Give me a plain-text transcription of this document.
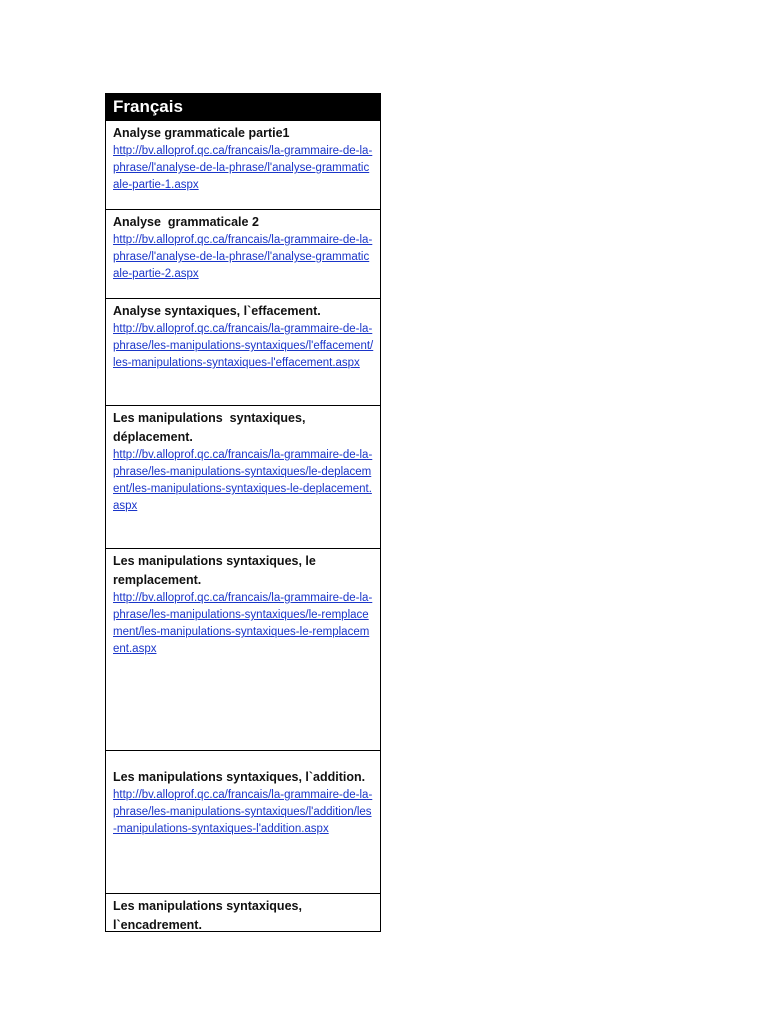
Français
Analyse grammaticale partie1
http://bv.alloprof.qc.ca/francais/la-grammaire-de-la-phrase/l'analyse-de-la-phrase/l'analyse-grammaticale-partie-1.aspx
Analyse  grammaticale 2
http://bv.alloprof.qc.ca/francais/la-grammaire-de-la-phrase/l'analyse-de-la-phrase/l'analyse-grammaticale-partie-2.aspx
Analyse syntaxiques, l`effacement.
http://bv.alloprof.qc.ca/francais/la-grammaire-de-la-phrase/les-manipulations-syntaxiques/l'effacement/les-manipulations-syntaxiques-l'effacement.aspx
Les manipulations  syntaxiques, déplacement.
http://bv.alloprof.qc.ca/francais/la-grammaire-de-la-phrase/les-manipulations-syntaxiques/le-deplacement/les-manipulations-syntaxiques-le-deplacement.aspx
Les manipulations syntaxiques, le remplacement.
http://bv.alloprof.qc.ca/francais/la-grammaire-de-la-phrase/les-manipulations-syntaxiques/le-remplacement/les-manipulations-syntaxiques-le-remplacement.aspx
Les manipulations syntaxiques, l`addition.
http://bv.alloprof.qc.ca/francais/la-grammaire-de-la-phrase/les-manipulations-syntaxiques/l'addition/les-manipulations-syntaxiques-l'addition.aspx
Les manipulations syntaxiques, l`encadrement.
